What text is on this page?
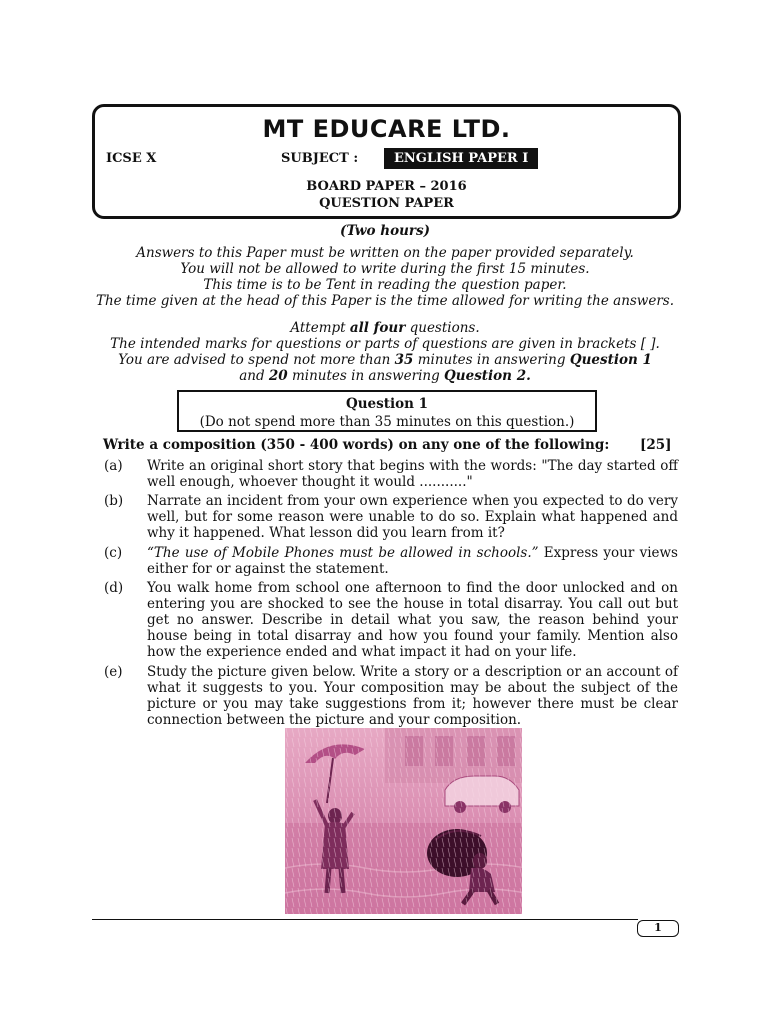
MT EDUCARE LTD.
ICSE X	SUBJECT :	ENGLISH PAPER I
BOARD PAPER – 2016
QUESTION PAPER
(Two hours)
Answers to this Paper must be written on the paper provided separately.
You will not be allowed to write during the first 15 minutes.
This time is to be Tent in reading the question paper.
The time given at the head of this Paper is the time allowed for writing the answers.
Attempt all four questions.
The intended marks for questions or parts of questions are given in brackets [ ].
You are advised to spend not more than 35 minutes in answering Question 1
and 20 minutes in answering Question 2.
Question 1
(Do not spend more than 35 minutes on this question.)
Write a composition (350 - 400 words) on any one of the following:	[25]
(a) Write an original short story that begins with the words: "The day started off well enough, whoever thought it would ..........."
(b) Narrate an incident from your own experience when you expected to do very well, but for some reason were unable to do so. Explain what happened and why it happened. What lesson did you learn from it?
(c) “The use of Mobile Phones must be allowed in schools.” Express your views either for or against the statement.
(d) You walk home from school one afternoon to find the door unlocked and on entering you are shocked to see the house in total disarray. You call out but get no answer. Describe in detail what you saw, the reason behind your house being in total disarray and how you found your family. Mention also how the experience ended and what impact it had on your life.
(e) Study the picture given below. Write a story or a description or an account of what it suggests to you. Your composition may be about the subject of the picture or you may take suggestions from it; however there must be clear connection between the picture and your composition.
1
